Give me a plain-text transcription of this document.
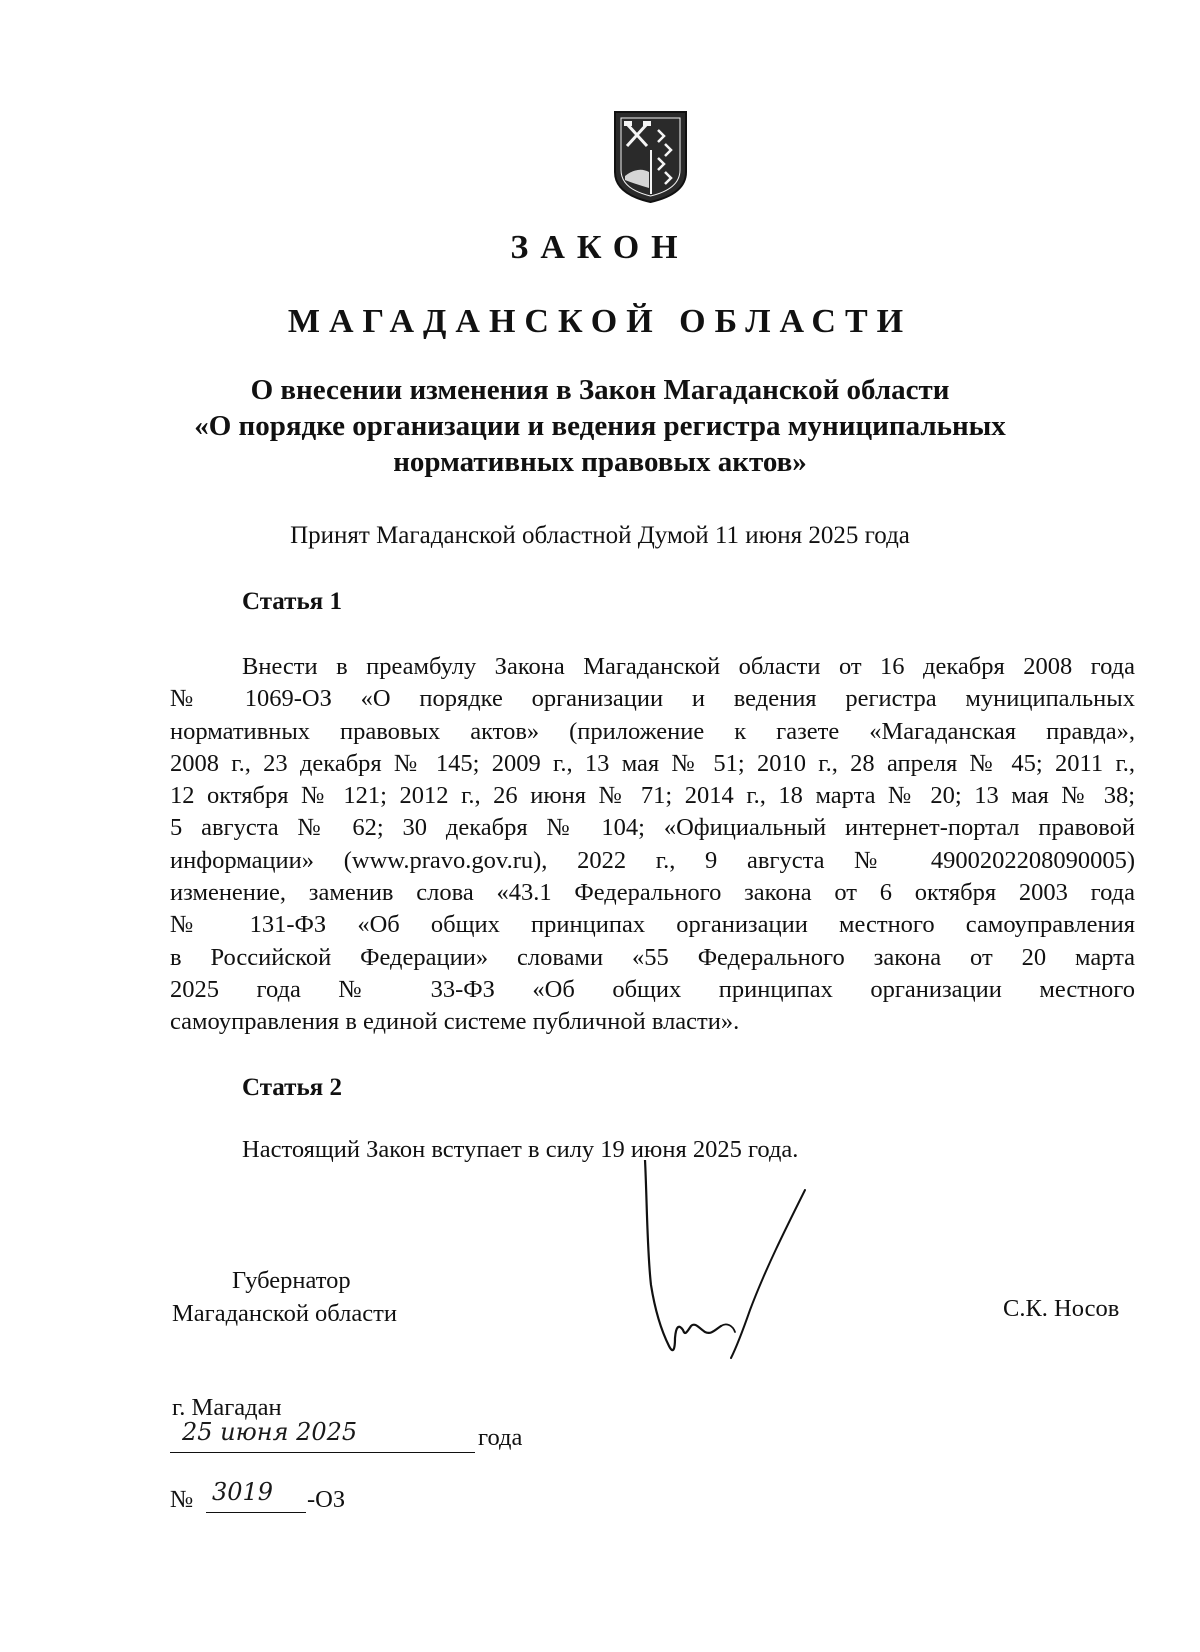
ЗАКОН
МАГАДАНСКОЙ ОБЛАСТИ
О внесении изменения в Закон Магаданской области
«О порядке организации и ведения регистра муниципальных
нормативных правовых актов»
Принят Магаданской областной Думой 11 июня 2025 года
Статья 1
Внести в преамбулу Закона Магаданской области от 16 декабря 2008 года
№ 1069-ОЗ «О порядке организации и ведения регистра муниципальных
нормативных правовых актов» (приложение к газете «Магаданская правда»,
2008 г., 23 декабря № 145; 2009 г., 13 мая № 51; 2010 г., 28 апреля № 45; 2011 г.,
12 октября № 121; 2012 г., 26 июня № 71; 2014 г., 18 марта № 20; 13 мая № 38;
5 августа № 62; 30 декабря № 104; «Официальный интернет-портал правовой
информации» (www.pravo.gov.ru), 2022 г., 9 августа № 4900202208090005)
изменение, заменив слова «43.1 Федерального закона от 6 октября 2003 года
№ 131-ФЗ «Об общих принципах организации местного самоуправления
в Российской Федерации» словами «55 Федерального закона от 20 марта
2025 года № 33-ФЗ «Об общих принципах организации местного
самоуправления в единой системе публичной власти».
Статья 2
Настоящий Закон вступает в силу 19 июня 2025 года.
Губернатор
Магаданской области	С.К. Носов
г. Магадан
25 июня 2025	года
№ 3019 -ОЗ
